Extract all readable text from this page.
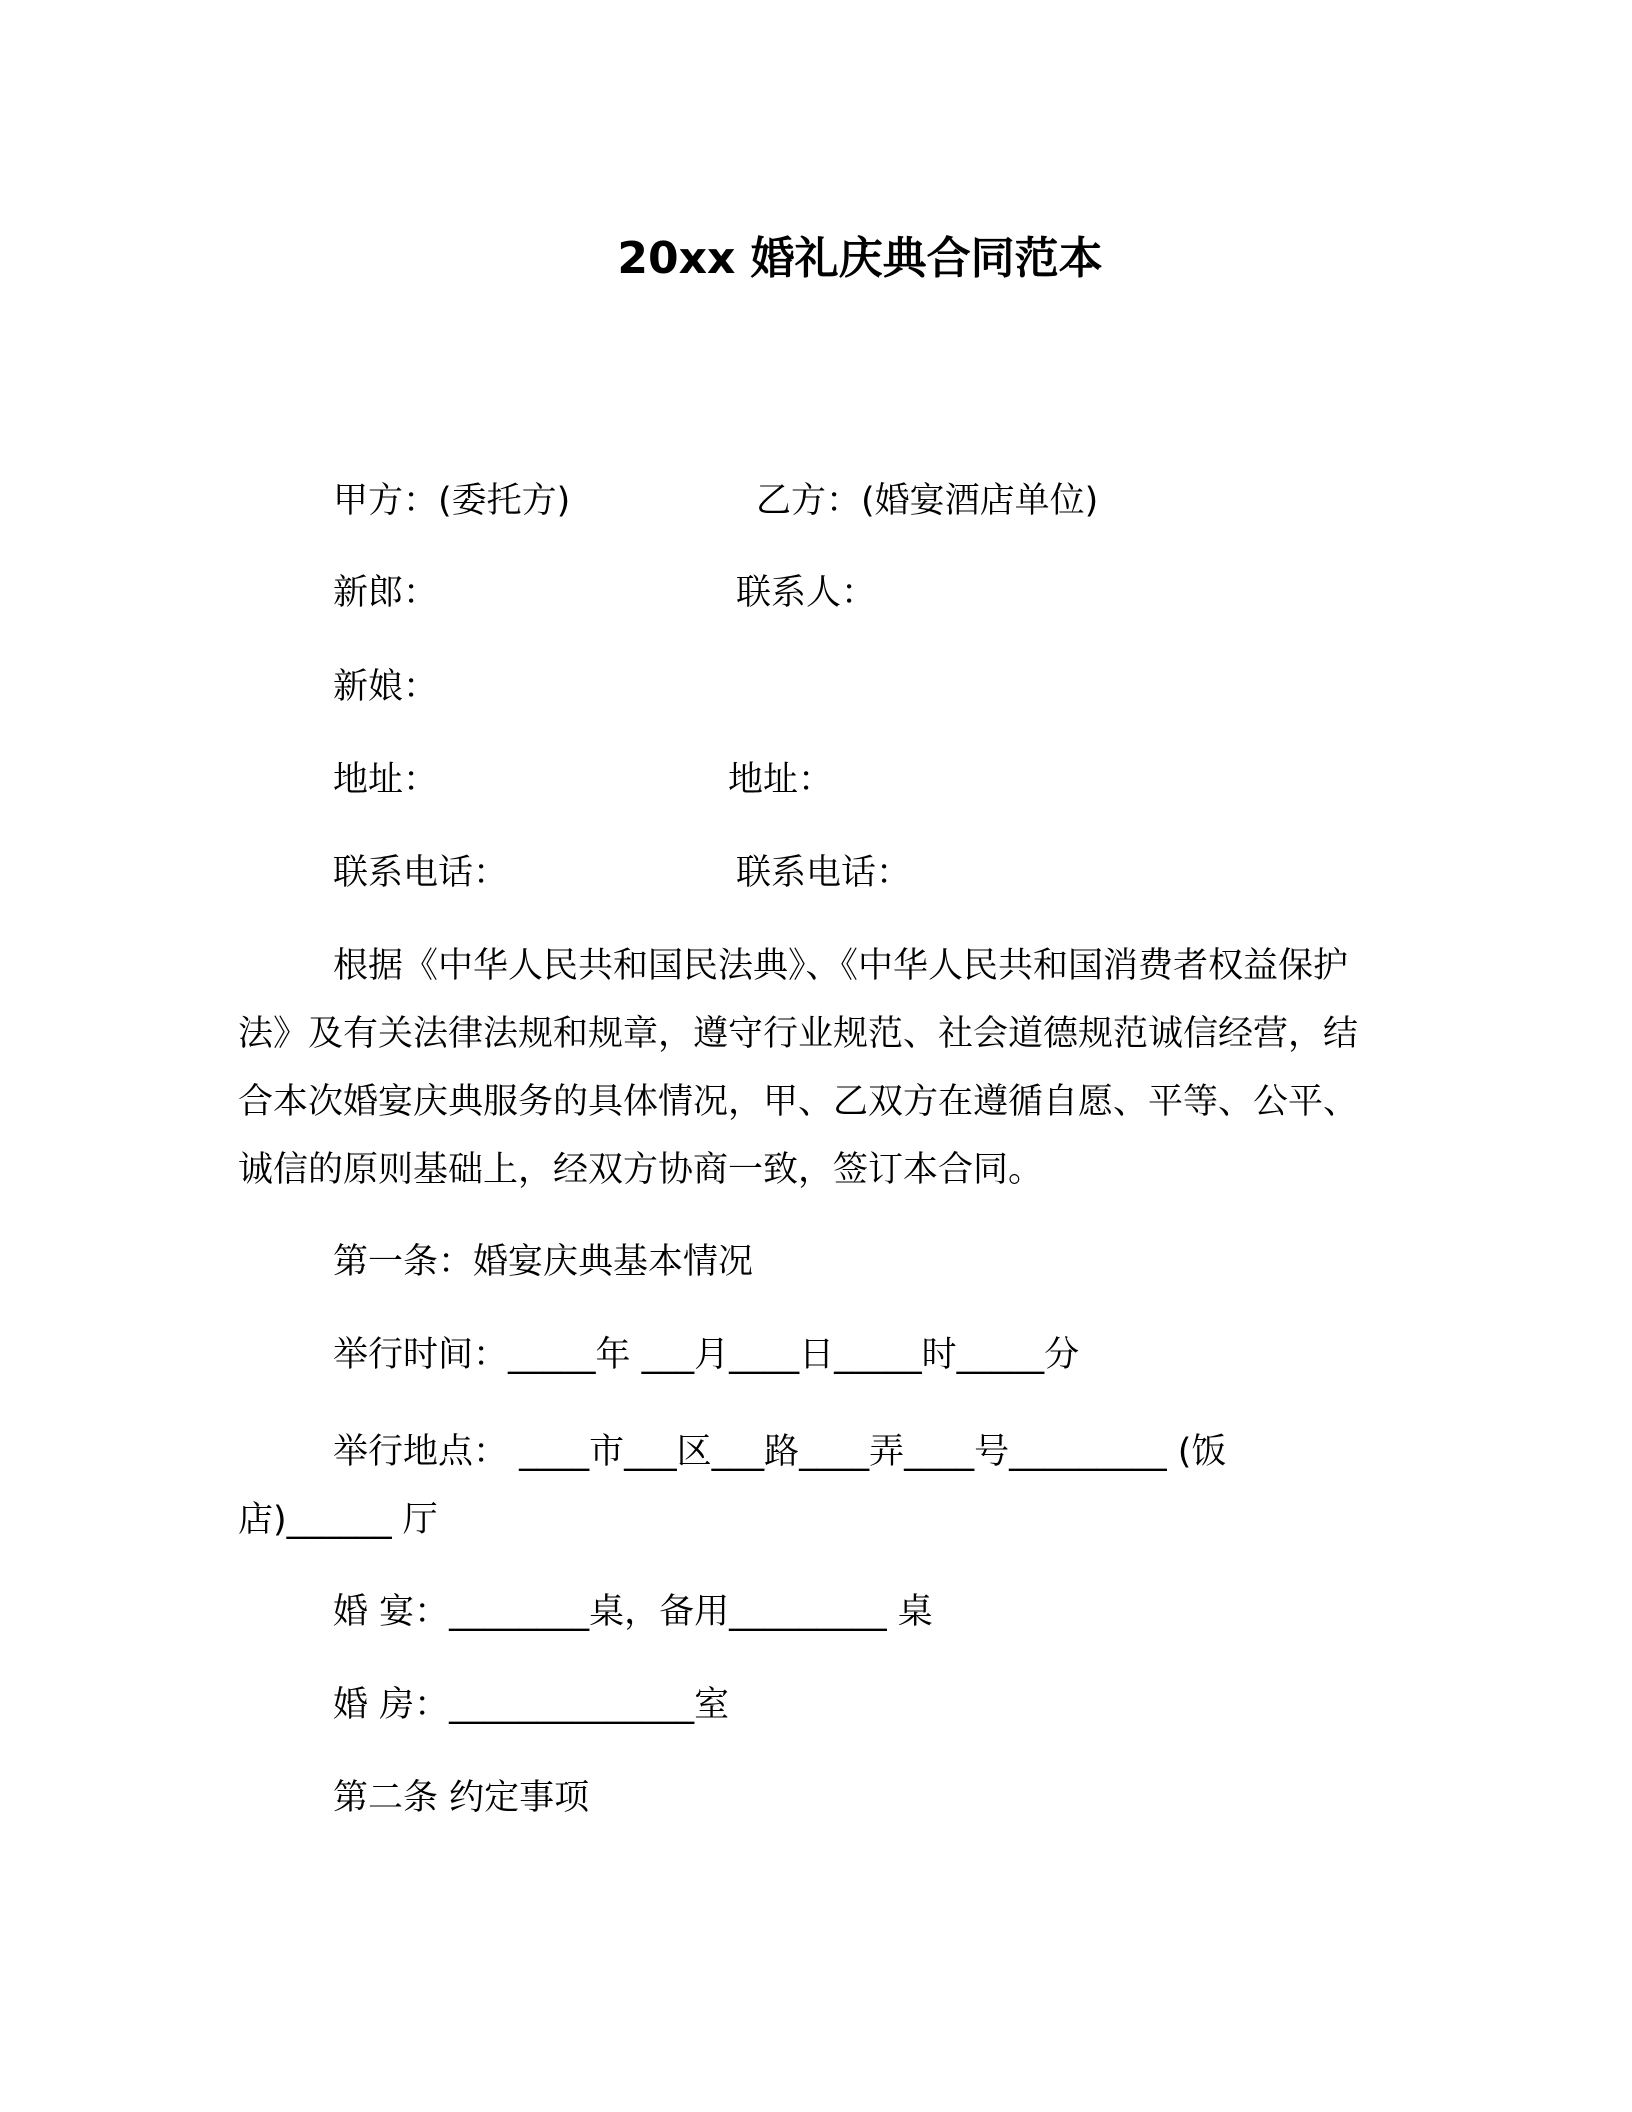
20xx 婚礼庆典合同范本
甲方：(委托方)	乙方：(婚宴酒店单位)
新郎：	联系人：
新娘：
地址：	地址：
联系电话：	联系电话：

根据《中华人民共和国民法典》、《中华人民共和国消费者权益保护法》及有关法律法规和规章，遵守行业规范、社会道德规范诚信经营，结合本次婚宴庆典服务的具体情况，甲、乙双方在遵循自愿、平等、公平、诚信的原则基础上，经双方协商一致，签订本合同。

第一条：婚宴庆典基本情况
举行时间：_____年 ___月____日_____时_____分

举行地点： ____市___区___路____弄____号_________ (饭店)______ 厅

婚 宴：________桌，备用_________ 桌
婚 房：______________室
第二条 约定事项
